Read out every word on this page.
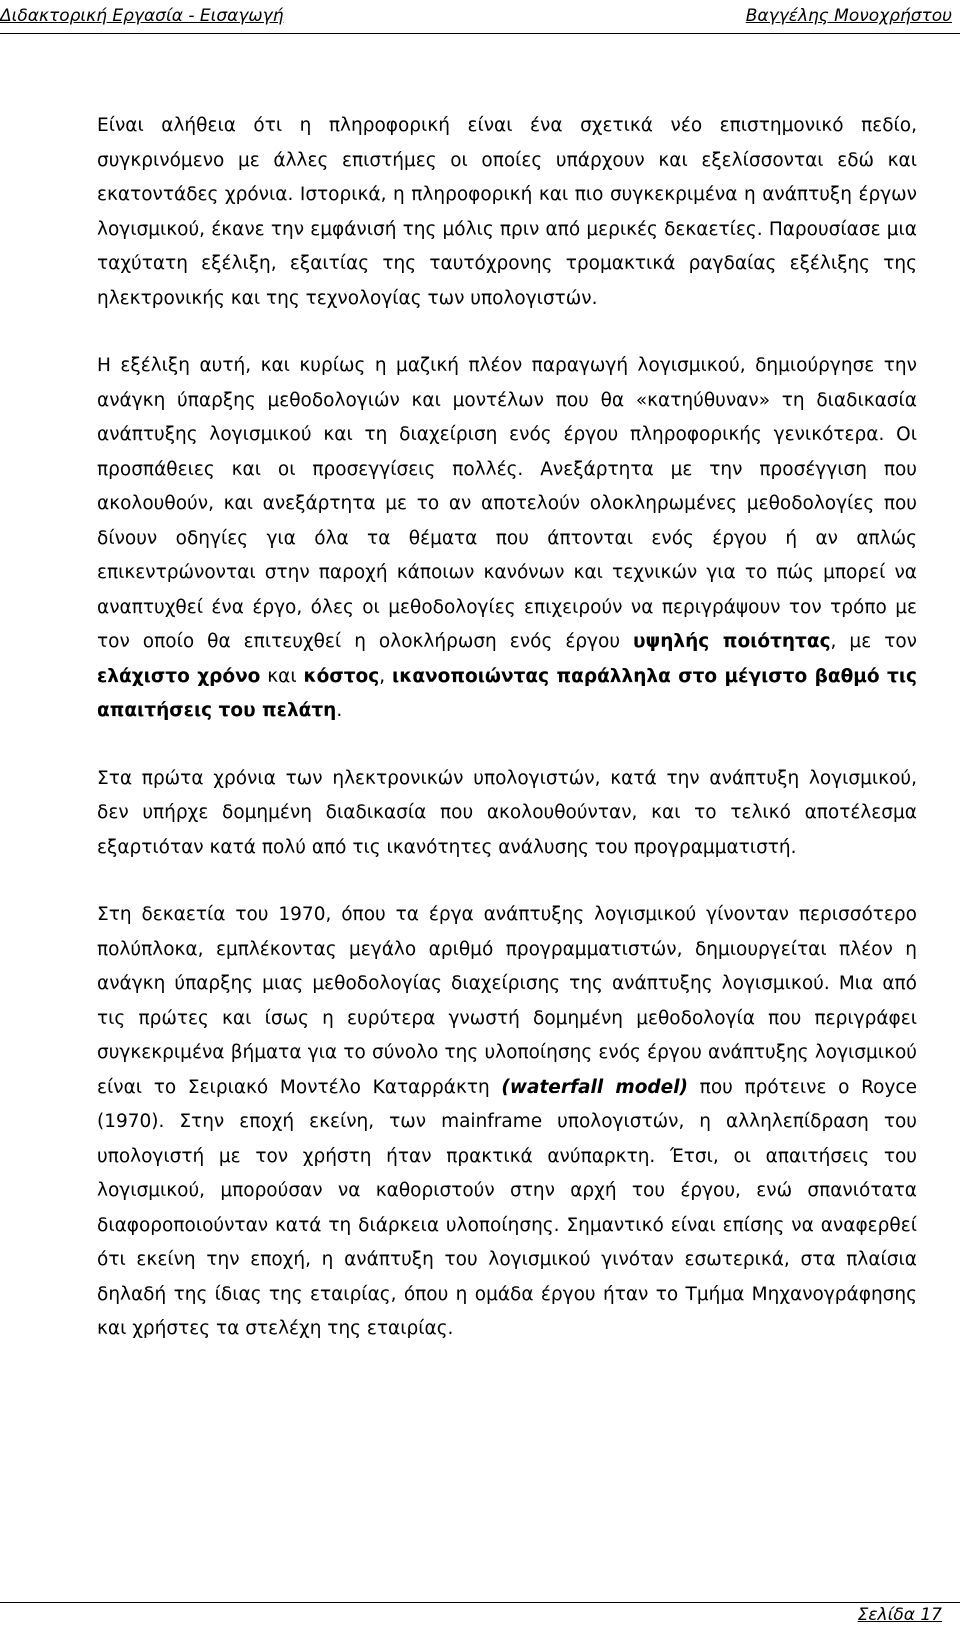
Διδακτορική Εργασία - Εισαγωγή	Βαγγέλης Μονοχρήστου

Είναι αλήθεια ότι η πληροφορική είναι ένα σχετικά νέο επιστημονικό πεδίο, συγκρινόμενο με άλλες επιστήμες οι οποίες υπάρχουν και εξελίσσονται εδώ και εκατοντάδες χρόνια. Ιστορικά, η πληροφορική και πιο συγκεκριμένα η ανάπτυξη έργων λογισμικού, έκανε την εμφάνισή της μόλις πριν από μερικές δεκαετίες. Παρουσίασε μια ταχύτατη εξέλιξη, εξαιτίας της ταυτόχρονης τρομακτικά ραγδαίας εξέλιξης της ηλεκτρονικής και της τεχνολογίας των υπολογιστών.

Η εξέλιξη αυτή, και κυρίως η μαζική πλέον παραγωγή λογισμικού, δημιούργησε την ανάγκη ύπαρξης μεθοδολογιών και μοντέλων που θα «κατηύθυναν» τη διαδικασία ανάπτυξης λογισμικού και τη διαχείριση ενός έργου πληροφορικής γενικότερα. Οι προσπάθειες και οι προσεγγίσεις πολλές. Ανεξάρτητα με την προσέγγιση που ακολουθούν, και ανεξάρτητα με το αν αποτελούν ολοκληρωμένες μεθοδολογίες που δίνουν οδηγίες για όλα τα θέματα που άπτονται ενός έργου ή αν απλώς επικεντρώνονται στην παροχή κάποιων κανόνων και τεχνικών για το πώς μπορεί να αναπτυχθεί ένα έργο, όλες οι μεθοδολογίες επιχειρούν να περιγράψουν τον τρόπο με τον οποίο θα επιτευχθεί η ολοκλήρωση ενός έργου υψηλής ποιότητας, με τον ελάχιστο χρόνο και κόστος, ικανοποιώντας παράλληλα στο μέγιστο βαθμό τις απαιτήσεις του πελάτη.

Στα πρώτα χρόνια των ηλεκτρονικών υπολογιστών, κατά την ανάπτυξη λογισμικού, δεν υπήρχε δομημένη διαδικασία που ακολουθούνταν, και το τελικό αποτέλεσμα εξαρτιόταν κατά πολύ από τις ικανότητες ανάλυσης του προγραμματιστή.

Στη δεκαετία του 1970, όπου τα έργα ανάπτυξης λογισμικού γίνονταν περισσότερο πολύπλοκα, εμπλέκοντας μεγάλο αριθμό προγραμματιστών, δημιουργείται πλέον η ανάγκη ύπαρξης μιας μεθοδολογίας διαχείρισης της ανάπτυξης λογισμικού. Μια από τις πρώτες και ίσως η ευρύτερα γνωστή δομημένη μεθοδολογία που περιγράφει συγκεκριμένα βήματα για το σύνολο της υλοποίησης ενός έργου ανάπτυξης λογισμικού είναι το Σειριακό Μοντέλο Καταρράκτη (waterfall model) που πρότεινε ο Royce (1970). Στην εποχή εκείνη, των mainframe υπολογιστών, η αλληλεπίδραση του υπολογιστή με τον χρήστη ήταν πρακτικά ανύπαρκτη. Έτσι, οι απαιτήσεις του λογισμικού, μπορούσαν να καθοριστούν στην αρχή του έργου, ενώ σπανιότατα διαφοροποιούνταν κατά τη διάρκεια υλοποίησης. Σημαντικό είναι επίσης να αναφερθεί ότι εκείνη την εποχή, η ανάπτυξη του λογισμικού γινόταν εσωτερικά, στα πλαίσια δηλαδή της ίδιας της εταιρίας, όπου η ομάδα έργου ήταν το Τμήμα Μηχανογράφησης και χρήστες τα στελέχη της εταιρίας.

Σελίδα 17
